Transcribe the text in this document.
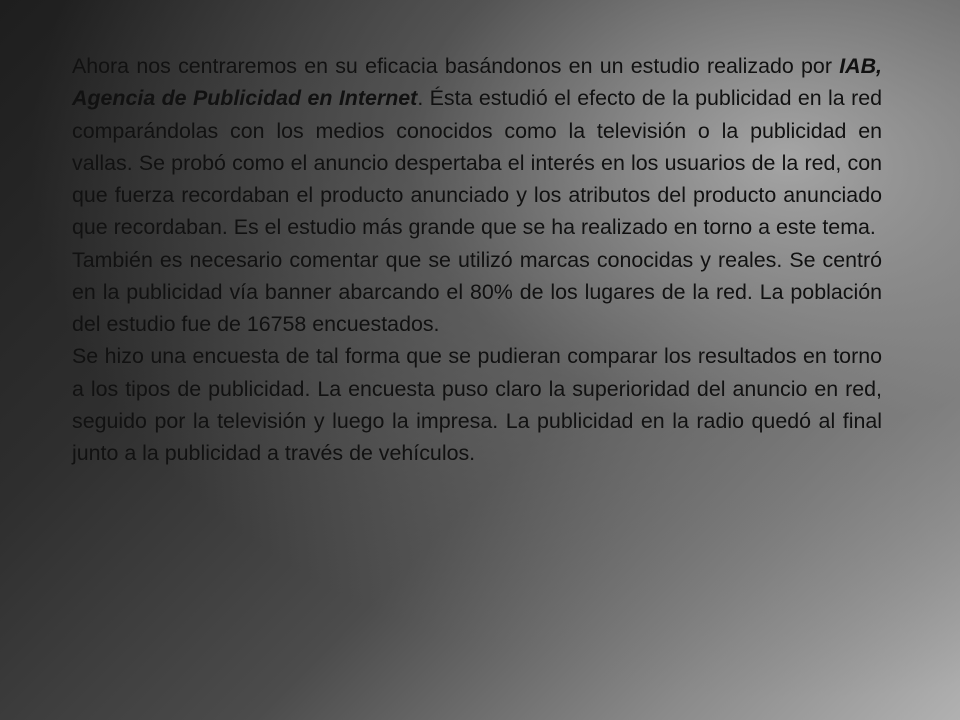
Ahora nos centraremos en su eficacia basándonos en un estudio realizado por IAB, Agencia de Publicidad en Internet. Ésta estudió el efecto de la publicidad en la red comparándolas con los medios conocidos como la televisión o la publicidad en vallas. Se probó como el anuncio despertaba el interés en los usuarios de la red, con que fuerza recordaban el producto anunciado y los atributos del producto anunciado que recordaban. Es el estudio más grande que se ha realizado en torno a este tema.

También es necesario comentar que se utilizó marcas conocidas y reales. Se centró en la publicidad vía banner abarcando el 80% de los lugares de la red. La población del estudio fue de 16758 encuestados.

Se hizo una encuesta de tal forma que se pudieran comparar los resultados en torno a los tipos de publicidad. La encuesta puso claro la superioridad del anuncio en red, seguido por la televisión y luego la impresa. La publicidad en la radio quedó al final junto a la publicidad a través de vehículos.
